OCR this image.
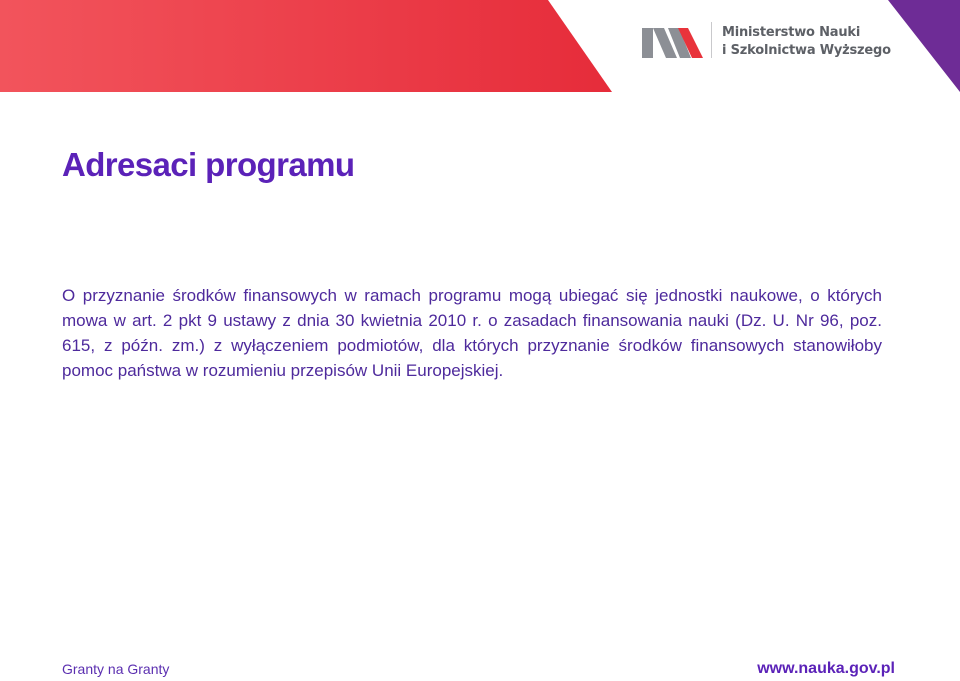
Ministerstwo Nauki
i Szkolnictwa Wyższego
Adresaci programu

O przyznanie środków finansowych w ramach programu mogą ubiegać się jednostki naukowe, o których mowa w art. 2 pkt 9 ustawy z dnia 30 kwietnia 2010 r. o zasadach finansowania nauki (Dz. U. Nr 96, poz. 615, z późn. zm.) z wyłączeniem podmiotów, dla których przyznanie środków finansowych stanowiłoby pomoc państwa w rozumieniu przepisów Unii Europejskiej.

Granty na Granty	www.nauka.gov.pl
